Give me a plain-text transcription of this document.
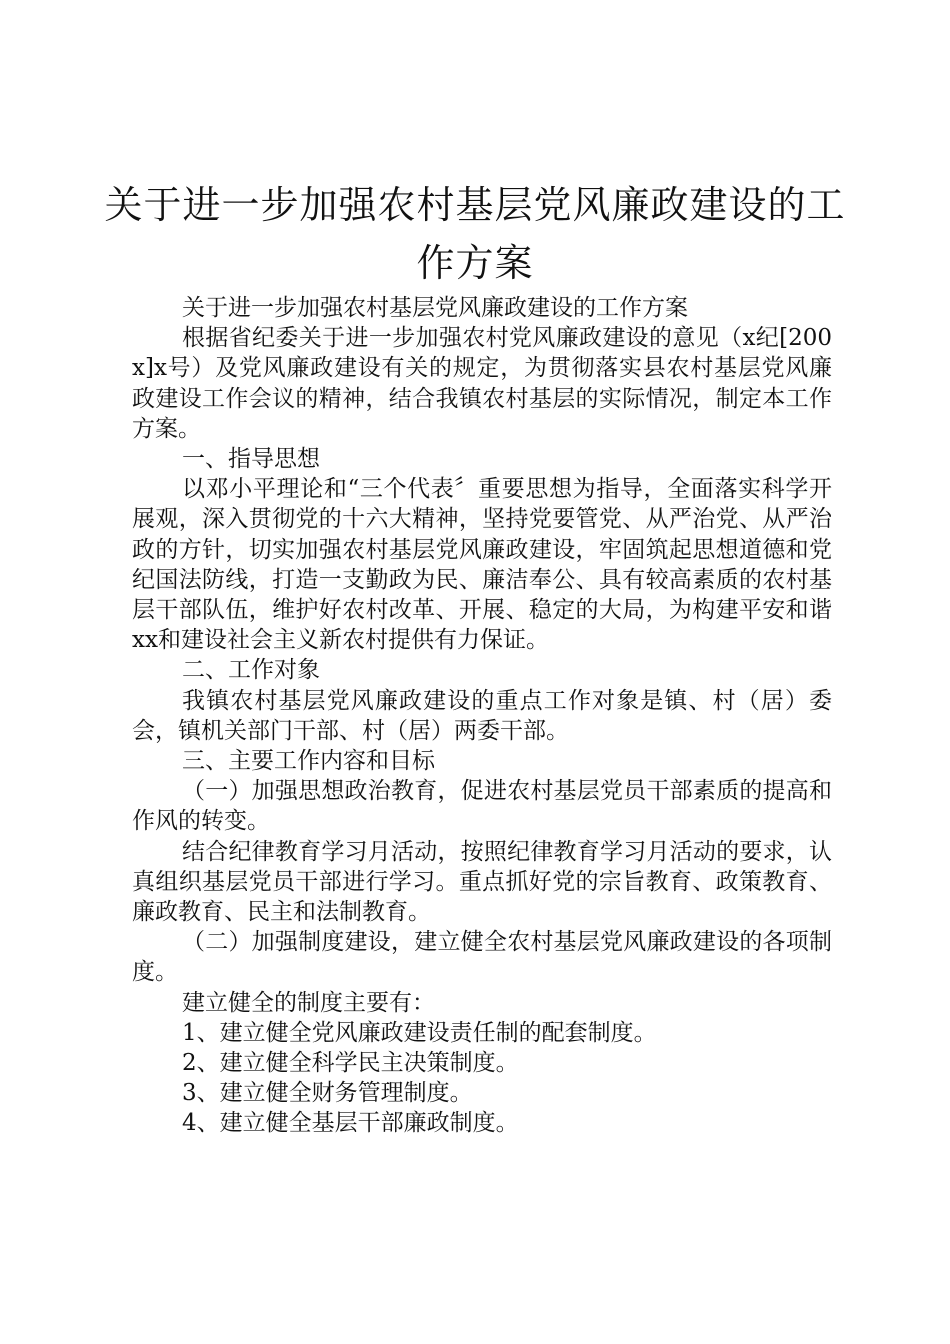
关于进一步加强农村基层党风廉政建设的工
作方案

关于进一步加强农村基层党风廉政建设的工作方案

根据省纪委关于进一步加强农村党风廉政建设的意见（x纪[200x]x号）及党风廉政建设有关的规定，为贯彻落实县农村基层党风廉政建设工作会议的精神，结合我镇农村基层的实际情况，制定本工作方案。

一、指导思想

以邓小平理论和“三个代表〞重要思想为指导，全面落实科学开展观，深入贯彻党的十六大精神，坚持党要管党、从严治党、从严治政的方针，切实加强农村基层党风廉政建设，牢固筑起思想道德和党纪国法防线，打造一支勤政为民、廉洁奉公、具有较高素质的农村基层干部队伍，维护好农村改革、开展、稳定的大局，为构建平安和谐xx和建设社会主义新农村提供有力保证。

二、工作对象

我镇农村基层党风廉政建设的重点工作对象是镇、村（居）委会，镇机关部门干部、村（居）两委干部。

三、主要工作内容和目标

（一）加强思想政治教育，促进农村基层党员干部素质的提高和作风的转变。

结合纪律教育学习月活动，按照纪律教育学习月活动的要求，认真组织基层党员干部进行学习。重点抓好党的宗旨教育、政策教育、廉政教育、民主和法制教育。

（二）加强制度建设，建立健全农村基层党风廉政建设的各项制度。

建立健全的制度主要有：

1、建立健全党风廉政建设责任制的配套制度。

2、建立健全科学民主决策制度。

3、建立健全财务管理制度。

4、建立健全基层干部廉政制度。
